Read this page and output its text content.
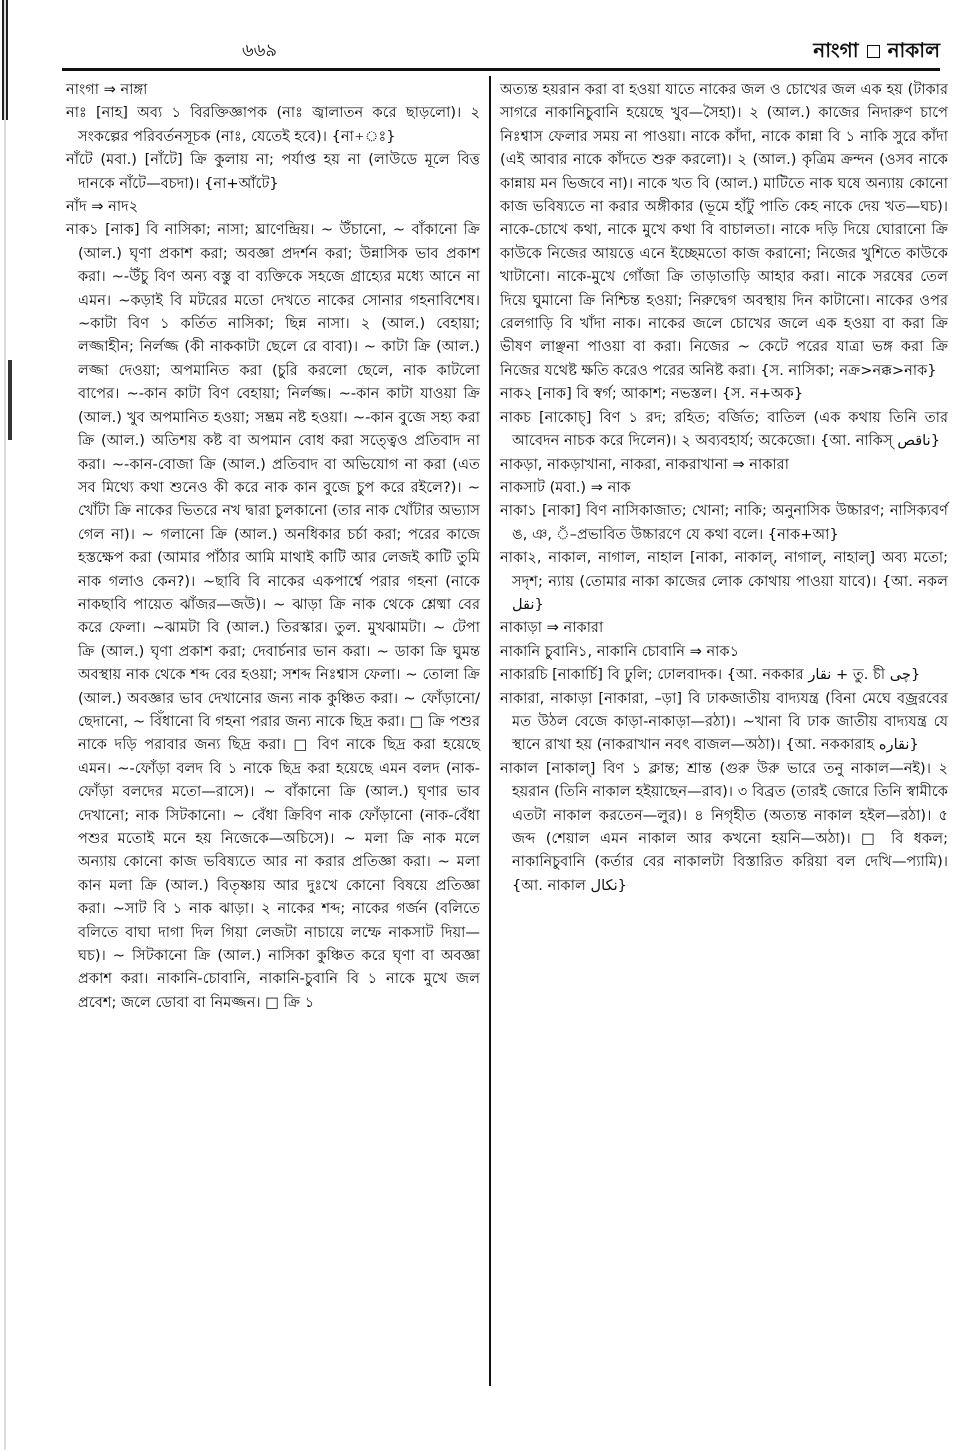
৬৬৯	নাংগা নাকাল

নাংগা ⇒ নাঙ্গা

নাঃ [নাহ] অব্য ১ বিরক্তিজ্ঞাপক (নাঃ জ্বালাতন করে ছাড়লো)। ২ সংকল্পের পরিবর্তনসূচক (নাঃ, যেতেই হবে)। {না+ঃ}

নাঁটে (মবা.) [নাঁটে] ক্রি কুলায় না; পর্যাপ্ত হয় না (লাউডে মূলে বিত্ত দানকে নাঁটে—বচদা)। {না+আঁটে}

নাঁদ ⇒ নাদ২

নাক১ [নাক] বি নাসিকা; নাসা; ঘ্রাণেন্দ্রিয়। ~ উঁচানো, ~ বাঁকানো ক্রি (আল.) ঘৃণা প্রকাশ করা; অবজ্ঞা প্রদর্শন করা; উন্নাসিক ভাব প্রকাশ করা। ~-উঁচু বিণ অন্য বস্তু বা ব্যক্তিকে সহজে গ্রাহ্যের মধ্যে আনে না এমন। ~কড়াই বি মটরের মতো দেখতে নাকের সোনার গহনাবিশেষ। ~কাটা বিণ ১ কর্তিত নাসিকা; ছিন্ন নাসা। ২ (আল.) বেহায়া; লজ্জাহীন; নির্লজ্জ (কী নাককাটা ছেলে রে বাবা)। ~ কাটা ক্রি (আল.) লজ্জা দেওয়া; অপমানিত করা (চুরি করলো ছেলে, নাক কাটলো বাপের। ~-কান কাটা বিণ বেহায়া; নির্লজ্জ। ~-কান কাটা যাওয়া ক্রি (আল.) খুব অপমানিত হওয়া; সম্ভ্রম নষ্ট হওয়া। ~-কান বুজে সহ্য করা ক্রি (আল.) অতিশয় কষ্ট বা অপমান বোধ করা সত্ত্বেও প্রতিবাদ না করা। ~-কান-বোজা ক্রি (আল.) প্রতিবাদ বা অভিযোগ না করা (এত সব মিথ্যে কথা শুনেও কী করে নাক কান বুজে চুপ করে রইলে?)। ~ খোঁটা ক্রি নাকের ভিতরে নখ দ্বারা চুলকানো (তার নাক খোঁটার অভ্যাস গেল না)। ~ গলানো ক্রি (আল.) অনধিকার চর্চা করা; পরের কাজে হস্তক্ষেপ করা (আমার পাঁঠার আমি মাথাই কাটি আর লেজই কাটি তুমি নাক গলাও কেন?)। ~ছাবি বি নাকের একপার্শ্বে পরার গহনা (নাকে নাকছাবি পায়েত ঝাঁজর—জউ)। ~ ঝাড়া ক্রি নাক থেকে শ্লেষ্মা বের করে ফেলা। ~ঝামটা বি (আল.) তিরস্কার। তুল. মুখঝামটা। ~ টেপা ক্রি (আল.) ঘৃণা প্রকাশ করা; দেবার্চনার ভান করা। ~ ডাকা ক্রি ঘুমন্ত অবস্থায় নাক থেকে শব্দ বের হওয়া; সশব্দ নিঃশ্বাস ফেলা। ~ তোলা ক্রি (আল.) অবজ্ঞার ভাব দেখানোর জন্য নাক কুঞ্চিত করা। ~ ফোঁড়ানো/ছেদানো, ~ বিঁধানো বি গহনা পরার জন্য নাকে ছিদ্র করা। □ ক্রি পশুর নাকে দড়ি পরাবার জন্য ছিদ্র করা। □ বিণ নাকে ছিদ্র করা হয়েছে এমন। ~-ফোঁড়া বলদ বি ১ নাকে ছিদ্র করা হয়েছে এমন বলদ (নাক-ফোঁড়া বলদের মতো—রাসে)। ~ বাঁকানো ক্রি (আল.) ঘৃণার ভাব দেখানো; নাক সিটকানো। ~ বেঁধা ক্রিবিণ নাক ফোঁড়ানো (নাক-বেঁধা পশুর মতোই মনে হয় নিজেকে—অচিসে)। ~ মলা ক্রি নাক মলে অন্যায় কোনো কাজ ভবিষ্যতে আর না করার প্রতিজ্ঞা করা। ~ মলা কান মলা ক্রি (আল.) বিতৃষ্ণায় আর দুঃখে কোনো বিষয়ে প্রতিজ্ঞা করা। ~সাট বি ১ নাক ঝাড়া। ২ নাকের শব্দ; নাকের গর্জন (বলিতে বলিতে বাঘা দাগা দিল গিয়া লেজটা নাচায়ে লম্ফে নাকসাট দিয়া—ঘচ)। ~ সিটকানো ক্রি (আল.) নাসিকা কুঞ্চিত করে ঘৃণা বা অবজ্ঞা প্রকাশ করা। নাকানি-চোবানি, নাকানি-চুবানি বি ১ নাকে মুখে জল প্রবেশ; জলে ডোবা বা নিমজ্জন। □ ক্রি ১

অত্যন্ত হয়রান করা বা হওয়া যাতে নাকের জল ও চোখের জল এক হয় (টাকার সাগরে নাকানিচুবানি হয়েছে খুব—সৈহা)। ২ (আল.) কাজের নিদারুণ চাপে নিঃশ্বাস ফেলার সময় না পাওয়া। নাকে কাঁদা, নাকে কান্না বি ১ নাকি সুরে কাঁদা (এই আবার নাকে কাঁদতে শুরু করলো)। ২ (আল.) কৃত্রিম ক্রন্দন (ওসব নাকে কান্নায় মন ভিজবে না)। নাকে খত বি (আল.) মাটিতে নাক ঘষে অন্যায় কোনো কাজ ভবিষ্যতে না করার অঙ্গীকার (ভূমে হাঁটু পাতি কেহ নাকে দেয় খত—ঘচ)। নাকে-চোখে কথা, নাকে মুখে কথা বি বাচালতা। নাকে দড়ি দিয়ে ঘোরানো ক্রি কাউকে নিজের আয়ত্তে এনে ইচ্ছেমতো কাজ করানো; নিজের খুশিতে কাউকে খাটানো। নাকে-মুখে গোঁজা ক্রি তাড়াতাড়ি আহার করা। নাকে সরষের তেল দিয়ে ঘুমানো ক্রি নিশ্চিন্ত হওয়া; নিরুদ্বেগ অবস্থায় দিন কাটানো। নাকের ওপর রেলগাড়ি বি খাঁদা নাক। নাকের জলে চোখের জলে এক হওয়া বা করা ক্রি ভীষণ লাঞ্ছনা পাওয়া বা করা। নিজের ~ কেটে পরের যাত্রা ভঙ্গ করা ক্রি নিজের যথেষ্ট ক্ষতি করেও পরের অনিষ্ট করা। {স. নাসিকা; নক্র>নক্ক>নাক}

নাক২ [নাক] বি স্বর্গ; আকাশ; নভস্তল। {স. ন+অক}

নাকচ [নাকোচ্] বিণ ১ রদ; রহিত; বর্জিত; বাতিল (এক কথায় তিনি তার আবেদন নাচক করে দিলেন)। ২ অব্যবহার্য; অকেজো। {আ. নাকিস্ ناقص}

নাকড়া, নাকড়াখানা, নাকরা, নাকরাখানা ⇒ নাকারা

নাকসাট (মবা.) ⇒ নাক

নাকা১ [নাকা] বিণ নাসিকাজাত; খোনা; নাকি; অনুনাসিক উচ্চারণ; নাসিক্যবর্ণ ঙ, ঞ, ঁ–প্রভাবিত উচ্চারণে যে কথা বলে। {নাক+আ}

নাকা২, নাকাল, নাগাল, নাহাল [নাকা, নাকাল্, নাগাল্, নাহাল্] অব্য মতো; সদৃশ; ন্যায় (তোমার নাকা কাজের লোক কোথায় পাওয়া যাবে)। {আ. নকল نقل}

নাকাড়া ⇒ নাকারা

নাকানি চুবানি১, নাকানি চোবানি ⇒ নাক১

নাকারচি [নাকার্চি] বি ঢুলি; ঢোলবাদক। {আ. নককার نقار + তু. চী چی}

নাকারা, নাকাড়া [নাকারা, –ড়া] বি ঢাকজাতীয় বাদ্যযন্ত্র (বিনা মেঘে বজ্ররবের মত উঠল বেজে কাড়া-নাকাড়া—রঠা)। ~খানা বি ঢাক জাতীয় বাদ্যযন্ত্র যে স্থানে রাখা হয় (নাকরাখান নবৎ বাজল—অঠা)। {আ. নককারাহ نقاره}

নাকাল [নাকাল্] বিণ ১ ক্লান্ত; শ্রান্ত (গুরু উরু ভারে তনু নাকাল—নই)। ২ হয়রান (তিনি নাকাল হইয়াছেন—রাব)। ৩ বিব্রত (তারই জোরে তিনি স্বামীকে এতটা নাকাল করতেন—লুর)। ৪ নিগৃহীত (অত্যন্ত নাকাল হইল—রঠা)। ৫ জব্দ (শেয়াল এমন নাকাল আর কখনো হয়নি—অঠা)। □ বি ধকল; নাকানিচুবানি (কর্তার বের নাকালটা বিস্তারিত করিয়া বল দেখি—প্যামি)। {আ. নাকাল نكال}
